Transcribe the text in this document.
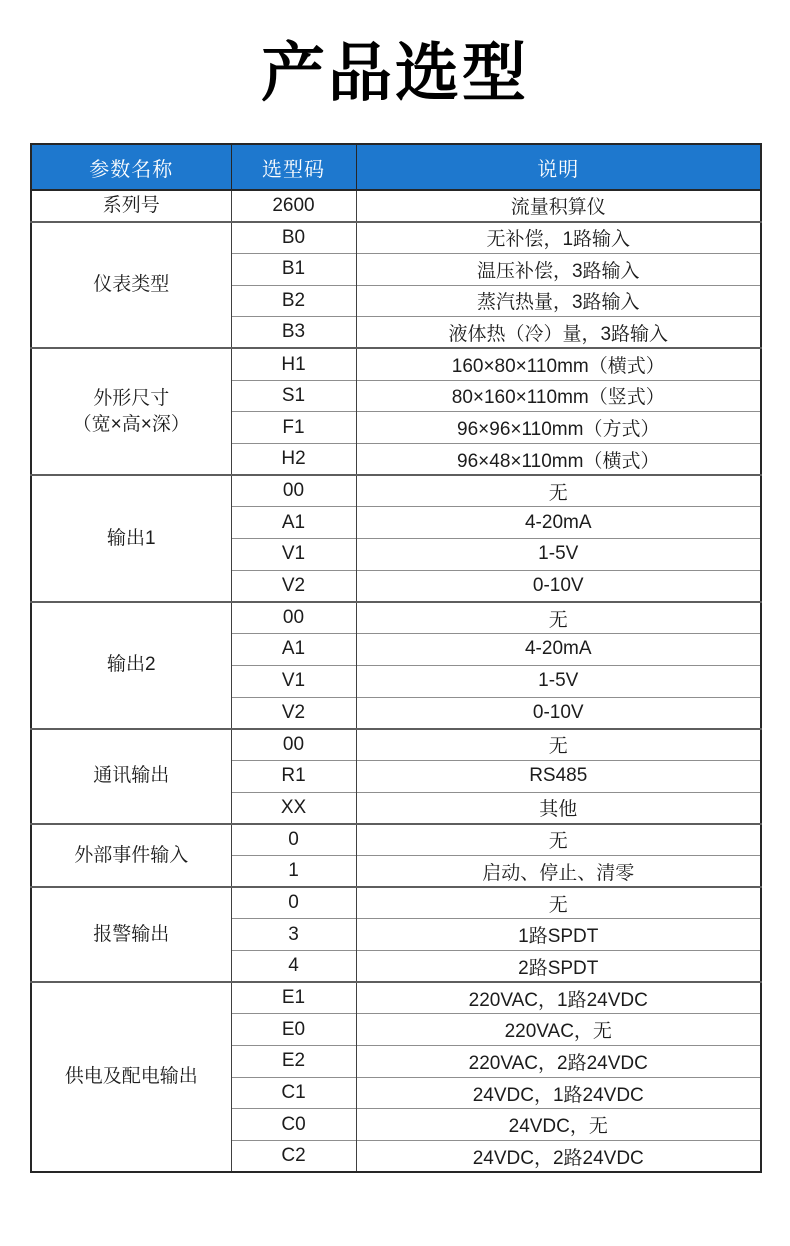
产品选型
参数名称	选型码	说明

系列号	2600	流量积算仪

仪表类型	B0	无补偿，1路输入
	B1	温压补偿，3路输入
	B2	蒸汽热量，3路输入
	B3	液体热（冷）量，3路输入

外形尺寸
（宽×高×深）	H1	160×80×110mm（横式）
	S1	80×160×110mm（竖式）
	F1	96×96×110mm（方式）
	H2	96×48×110mm（横式）

输出1	00	无
	A1	4-20mA
	V1	1-5V
	V2	0-10V

输出2	00	无
	A1	4-20mA
	V1	1-5V
	V2	0-10V

通讯输出	00	无
	R1	RS485
	XX	其他

外部事件输入	0	无
	1	启动、停止、清零

报警输出	0	无
	3	1路SPDT
	4	2路SPDT

供电及配电输出	E1	220VAC，1路24VDC
	E0	220VAC，无
	E2	220VAC，2路24VDC
	C1	24VDC，1路24VDC
	C0	24VDC，无
	C2	24VDC，2路24VDC
